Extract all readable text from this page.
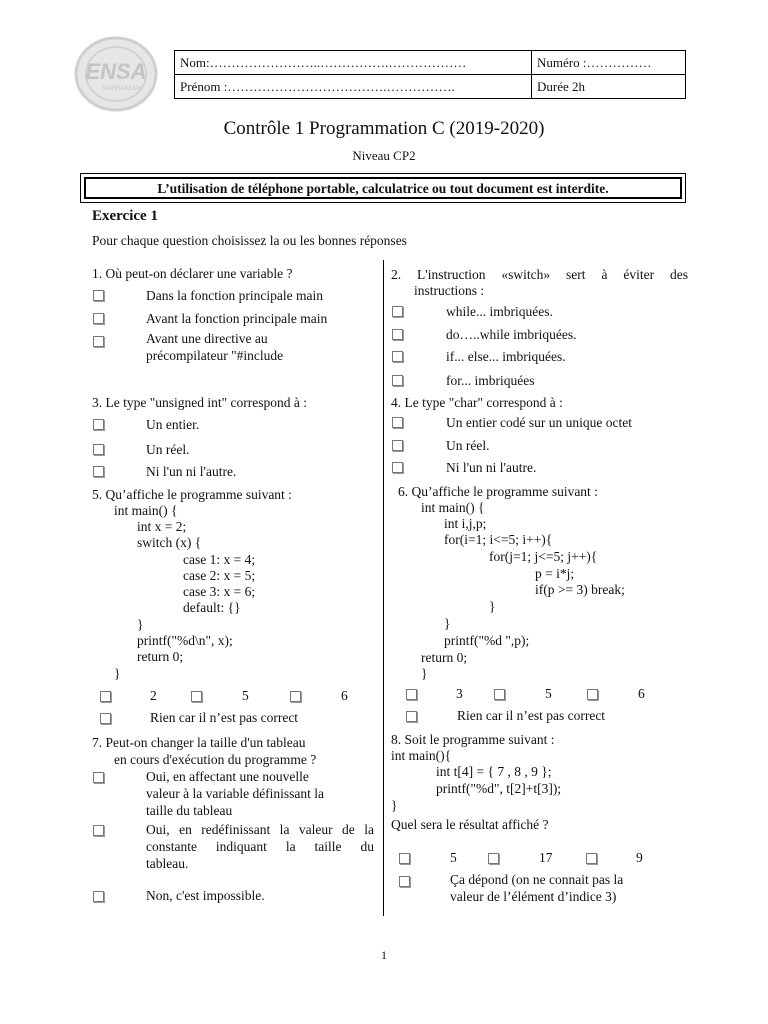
ENSA
MARRAKECH
Nom:……………………..…………….………………	Numéro :……………
Prénom :……………………………….…………….	Durée 2h
Contrôle 1 Programmation C (2019-2020)
Niveau CP2
L’utilisation de téléphone portable, calculatrice ou tout document est interdite.
Exercice 1
Pour chaque question choisissez la ou les bonnes réponses
1. Où peut-on déclarer une variable ?
Dans la fonction principale main
Avant la fonction principale main
Avant une directive au
précompilateur "#include
3. Le type "unsigned int" correspond à :
Un entier.
Un réel.
Ni l'un ni l'autre.
5. Qu’affiche le programme suivant :
int main() {
int x = 2;
switch (x) {
case 1: x = 4;
case 2: x = 5;
case 3: x = 6;
default: {}
}
printf("%d\n", x);
return 0;
}
2	5	6
Rien car il n’est pas correct
7. Peut-on changer la taille d'un tableau
en cours d'exécution du programme ?
Oui, en affectant une nouvelle
valeur à la variable définissant la
taille du tableau
Oui, en redéfinissant la valeur de la
constante indiquant la taille du
tableau.
Non, c'est impossible.
2. L'instruction «switch» sert à éviter des
instructions :
while... imbriquées.
do…..while imbriquées.
if... else... imbriquées.
for... imbriquées
4. Le type "char" correspond à :
Un entier codé sur un unique octet
Un réel.
Ni l'un ni l'autre.
6. Qu’affiche le programme suivant :
int main() {
int i,j,p;
for(i=1; i<=5; i++){
for(j=1; j<=5; j++){
p = i*j;
if(p >= 3) break;
}
}
printf("%d ",p);
return 0;
}
3	5	6
Rien car il n’est pas correct
8. Soit le programme suivant :
int main(){
int t[4] = { 7 , 8 , 9 };
printf("%d", t[2]+t[3]);
}
Quel sera le résultat affiché ?
5	17	9
Ça dépond (on ne connait pas la
valeur de l’élément d’indice 3)
1
